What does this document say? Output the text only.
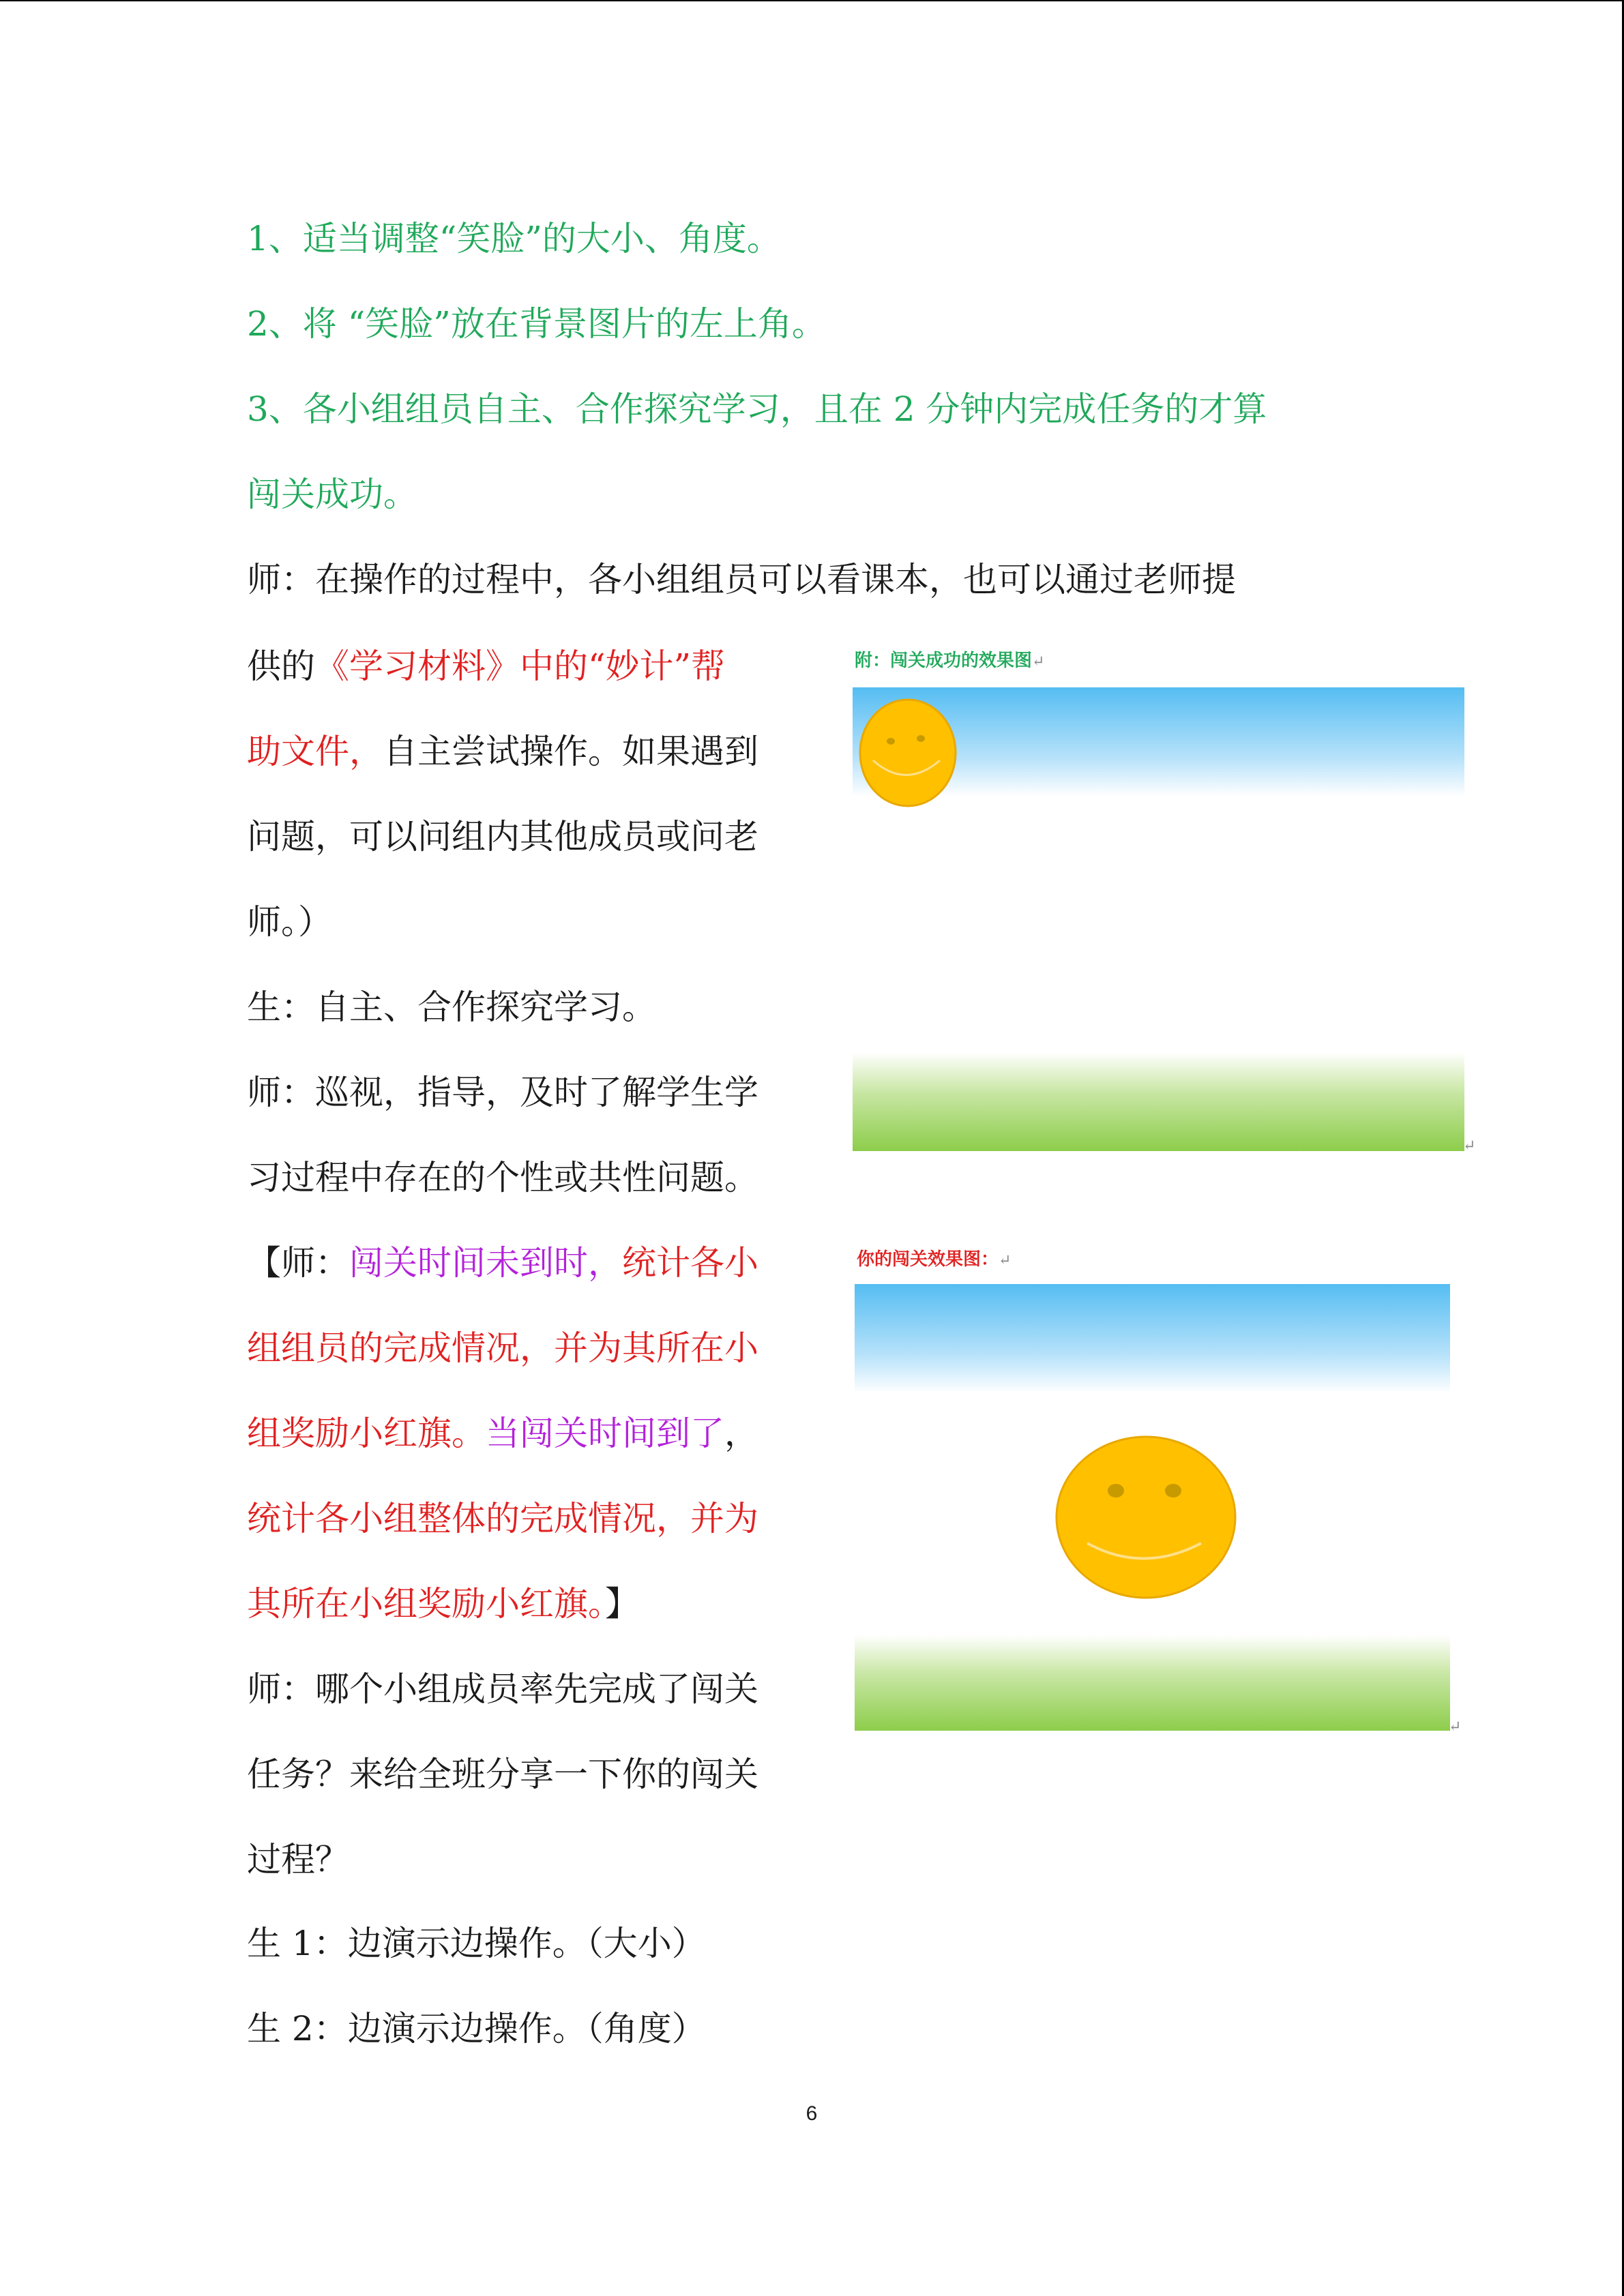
1、适当调整“笑脸”的大小、角度。

2、将 “笑脸”放在背景图片的左上角。

3、各小组组员自主、合作探究学习，且在 2 分钟内完成任务的才算

闯关成功。

师：在操作的过程中，各小组组员可以看课本，也可以通过老师提

供的《学习材料》中的“妙计”帮

助文件，自主尝试操作。如果遇到

问题，可以问组内其他成员或问老

师。）

生：自主、合作探究学习。

师：巡视，指导，及时了解学生学

习过程中存在的个性或共性问题。

【师：闯关时间未到时，统计各小

组组员的完成情况，并为其所在小

组奖励小红旗。当闯关时间到了，

统计各小组整体的完成情况，并为

其所在小组奖励小红旗。】

师：哪个小组成员率先完成了闯关

任务？来给全班分享一下你的闯关

过程？

生 1：边演示边操作。（大小）

生 2：边演示边操作。（角度）

附：闯关成功的效果图↵
↵
你的闯关效果图：↵
↵
6
